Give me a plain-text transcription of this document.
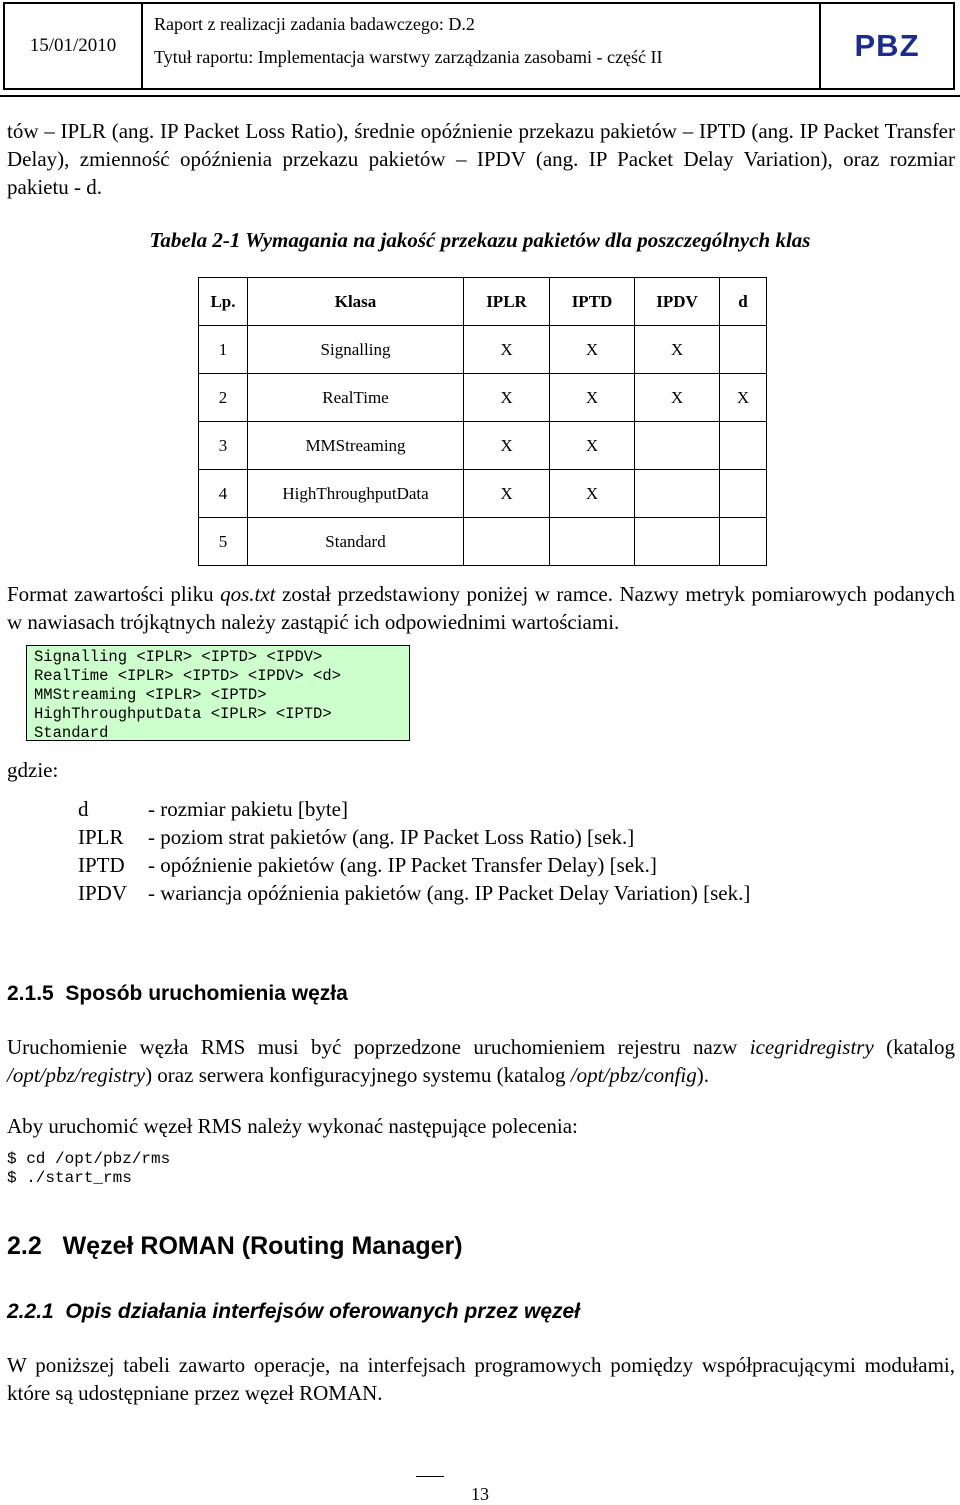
15/01/2010
Raport z realizacji zadania badawczego: D.2
Tytuł raportu: Implementacja warstwy zarządzania zasobami - część II	PBZ
tów – IPLR (ang. IP Packet Loss Ratio), średnie opóźnienie przekazu pakietów – IPTD (ang. IP Packet Transfer Delay), zmienność opóźnienia przekazu pakietów – IPDV (ang. IP Packet Delay Variation), oraz rozmiar pakietu - d.
Tabela 2-1 Wymagania na jakość przekazu pakietów dla poszczególnych klas
Lp.	Klasa	IPLR	IPTD	IPDV	d
1	Signalling	X	X	X	
2	RealTime	X	X	X	X
3	MMStreaming	X	X		
4	HighThroughputData	X	X		
5	Standard				
Format zawartości pliku qos.txt został przedstawiony poniżej w ramce. Nazwy metryk pomiarowych podanych w nawiasach trójkątnych należy zastąpić ich odpowiednimi wartościami.
Signalling <IPLR> <IPTD> <IPDV>
RealTime <IPLR> <IPTD> <IPDV> <d>
MMStreaming <IPLR> <IPTD>
HighThroughputData <IPLR> <IPTD>
Standard
gdzie:
d	- rozmiar pakietu [byte]
IPLR	- poziom strat pakietów (ang. IP Packet Loss Ratio) [sek.]
IPTD	- opóźnienie pakietów (ang. IP Packet Transfer Delay) [sek.]
IPDV - wariancja opóźnienia pakietów (ang. IP Packet Delay Variation) [sek.]
2.1.5  Sposób uruchomienia węzła
Uruchomienie węzła RMS musi być poprzedzone uruchomieniem rejestru nazw icegridregistry (katalog /opt/pbz/registry) oraz serwera konfiguracyjnego systemu (katalog /opt/pbz/config).
Aby uruchomić węzeł RMS należy wykonać następujące polecenia:
$ cd /opt/pbz/rms
$ ./start_rms
2.2   Węzeł ROMAN (Routing Manager)
2.2.1  Opis działania interfejsów oferowanych przez węzeł
W poniższej tabeli zawarto operacje, na interfejsach programowych pomiędzy współpracującymi modułami, które są udostępniane przez węzeł ROMAN.
13
